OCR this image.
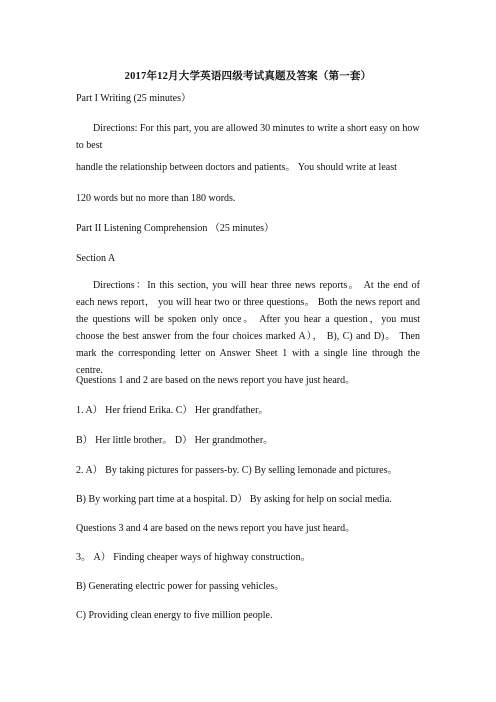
2017年12月大学英语四级考试真题及答案（第一套）

Part I Writing (25 minutes）

Directions: For this part, you are allowed 30 minutes to write a short easy on how to best

handle the relationship between doctors and patients。 You should write at least

120 words but no more than 180 words.

Part II Listening Comprehension （25 minutes）

Section A

Directions：In this section, you will hear three news reports。 At the end of each news report， you will hear two or three questions。 Both the news report and the questions will be spoken only once。 After you hear a question，you must choose the best answer from the four choices marked A）， B), C) and D)。 Then mark the corresponding letter on Answer Sheet 1 with a single line through the centre.

Questions 1 and 2 are based on the news report you have just heard。

1. A） Her friend Erika. C） Her grandfather。

B） Her little brother。 D） Her grandmother。

2. A） By taking pictures for passers-by. C) By selling lemonade and pictures。

B) By working part time at a hospital. D） By asking for help on social media.

Questions 3 and 4 are based on the news report you have just heard。

3。 A） Finding cheaper ways of highway construction。

B) Generating electric power for passing vehicles。

C) Providing clean energy to five million people.
